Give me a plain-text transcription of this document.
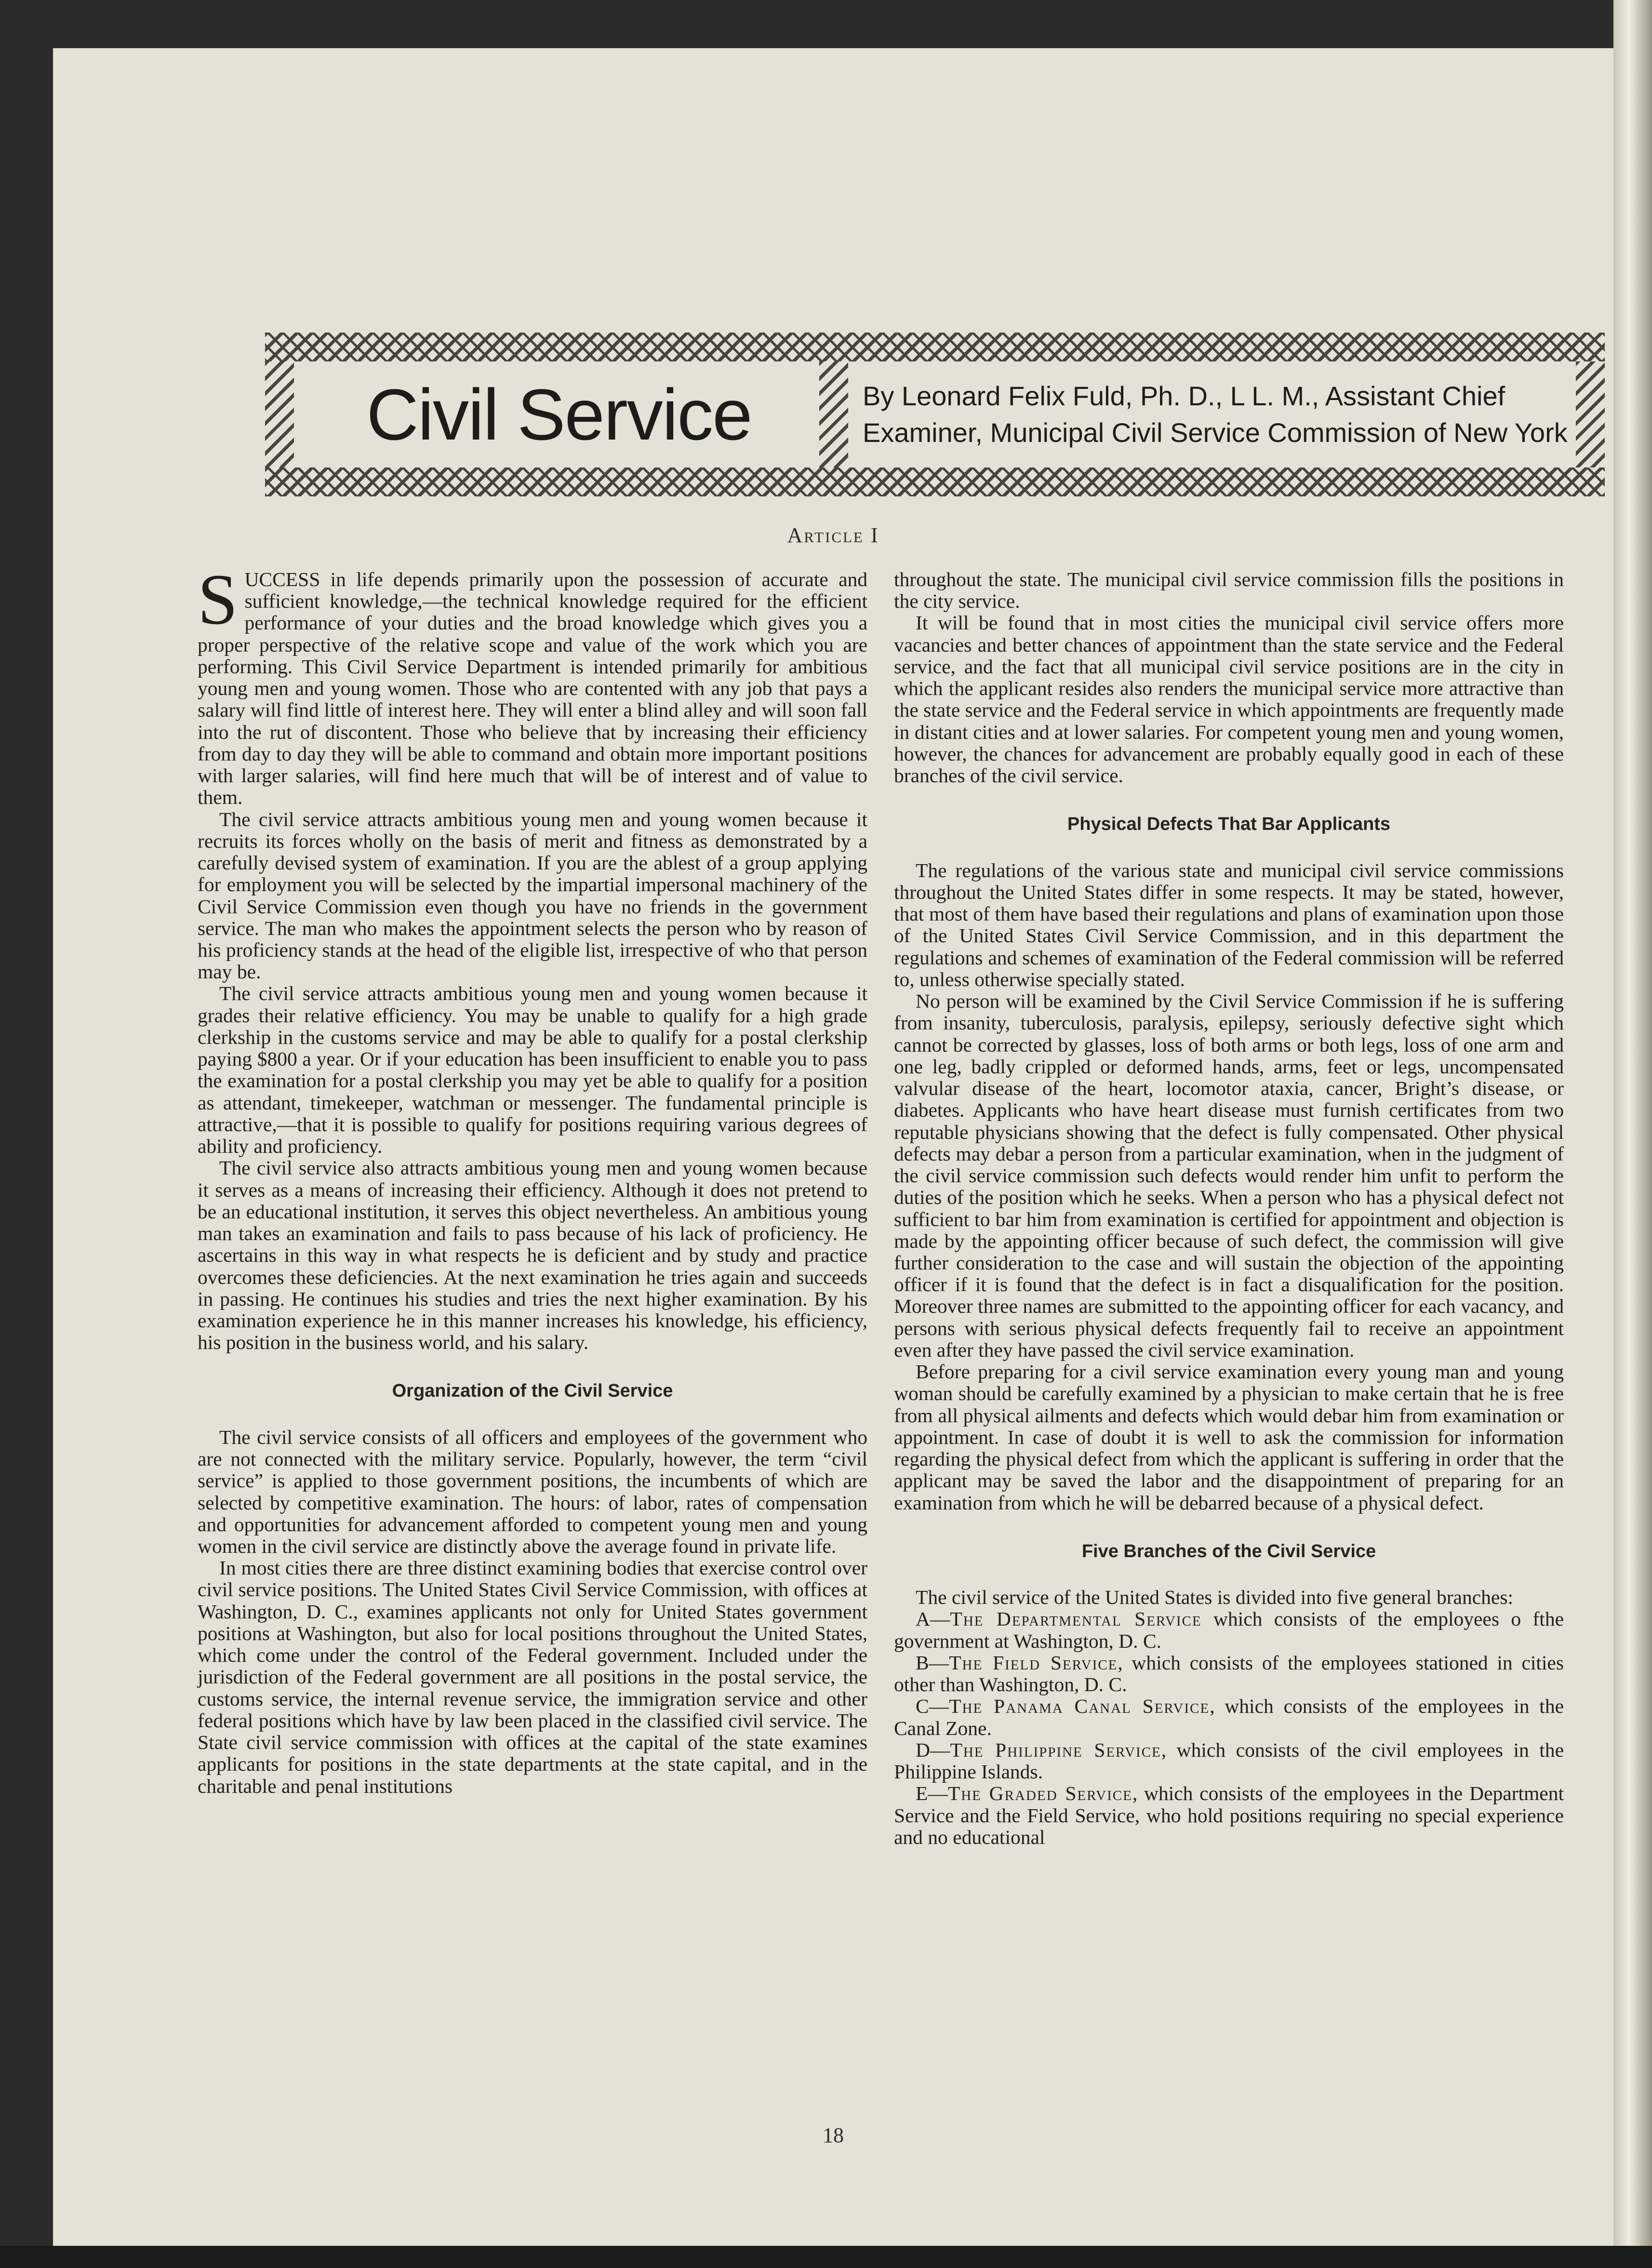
Civil Service	By Leonard Felix Fuld, Ph. D., L L. M., Assistant Chief
Examiner, Municipal Civil Service Commission of New York
Article I

SUCCESS in life depends primarily upon the possession of accurate and sufficient knowledge,—the technical knowledge required for the efficient performance of your duties and the broad knowledge which gives you a proper perspective of the relative scope and value of the work which you are performing. This Civil Service Department is intended primarily for ambitious young men and young women. Those who are contented with any job that pays a salary will find little of interest here. They will enter a blind alley and will soon fall into the rut of discontent. Those who believe that by increasing their efficiency from day to day they will be able to command and obtain more important positions with larger salaries, will find here much that will be of interest and of value to them.

The civil service attracts ambitious young men and young women because it recruits its forces wholly on the basis of merit and fitness as demonstrated by a carefully devised system of examination. If you are the ablest of a group applying for employment you will be selected by the impartial impersonal machinery of the Civil Service Commission even though you have no friends in the government service. The man who makes the appointment selects the person who by reason of his proficiency stands at the head of the eligible list, irrespective of who that person may be.

The civil service attracts ambitious young men and young women because it grades their relative efficiency. You may be unable to qualify for a high grade clerkship in the customs service and may be able to qualify for a postal clerkship paying $800 a year. Or if your education has been insufficient to enable you to pass the examination for a postal clerkship you may yet be able to qualify for a position as attendant, timekeeper, watchman or messenger. The fundamental principle is attractive,—that it is possible to qualify for positions requiring various degrees of ability and proficiency.

The civil service also attracts ambitious young men and young women because it serves as a means of increasing their efficiency. Although it does not pretend to be an educational institution, it serves this object nevertheless. An ambitious young man takes an examination and fails to pass because of his lack of proficiency. He ascertains in this way in what respects he is deficient and by study and practice overcomes these deficiencies. At the next examination he tries again and succeeds in passing. He continues his studies and tries the next higher examination. By his examination experience he in this manner increases his knowledge, his efficiency, his position in the business world, and his salary.

Organization of the Civil Service

The civil service consists of all officers and employees of the government who are not connected with the military service. Popularly, however, the term “civil service” is applied to those government positions, the incumbents of which are selected by competitive examination. The hours: of labor, rates of compensation and opportunities for advancement afforded to competent young men and young women in the civil service are distinctly above the average found in private life.

In most cities there are three distinct examining bodies that exercise control over civil service positions. The United States Civil Service Commission, with offices at Washington, D. C., examines applicants not only for United States government positions at Washington, but also for local positions throughout the United States, which come under the control of the Federal government. Included under the jurisdiction of the Federal government are all positions in the postal service, the customs service, the internal revenue service, the immigration service and other federal positions which have by law been placed in the classified civil service. The State civil service commission with offices at the capital of the state examines applicants for positions in the state departments at the state capital, and in the charitable and penal institutions

throughout the state. The municipal civil service commission fills the positions in the city service.

It will be found that in most cities the municipal civil service offers more vacancies and better chances of appointment than the state service and the Federal service, and the fact that all municipal civil service positions are in the city in which the applicant resides also renders the municipal service more attractive than the state service and the Federal service in which appointments are frequently made in distant cities and at lower salaries. For competent young men and young women, however, the chances for advancement are probably equally good in each of these branches of the civil service.

Physical Defects That Bar Applicants

The regulations of the various state and municipal civil service commissions throughout the United States differ in some respects. It may be stated, however, that most of them have based their regulations and plans of examination upon those of the United States Civil Service Commission, and in this department the regulations and schemes of examination of the Federal commission will be referred to, unless otherwise specially stated.

No person will be examined by the Civil Service Commission if he is suffering from insanity, tuberculosis, paralysis, epilepsy, seriously defective sight which cannot be corrected by glasses, loss of both arms or both legs, loss of one arm and one leg, badly crippled or deformed hands, arms, feet or legs, uncompensated valvular disease of the heart, locomotor ataxia, cancer, Bright’s disease, or diabetes. Applicants who have heart disease must furnish certificates from two reputable physicians showing that the defect is fully compensated. Other physical defects may debar a person from a particular examination, when in the judgment of the civil service commission such defects would render him unfit to perform the duties of the position which he seeks. When a person who has a physical defect not sufficient to bar him from examination is certified for appointment and objection is made by the appointing officer because of such defect, the commission will give further consideration to the case and will sustain the objection of the appointing officer if it is found that the defect is in fact a disqualification for the position. Moreover three names are submitted to the appointing officer for each vacancy, and persons with serious physical defects frequently fail to receive an appointment even after they have passed the civil service examination.

Before preparing for a civil service examination every young man and young woman should be carefully examined by a physician to make certain that he is free from all physical ailments and defects which would debar him from examination or appointment. In case of doubt it is well to ask the commission for information regarding the physical defect from which the applicant is suffering in order that the applicant may be saved the labor and the disappointment of preparing for an examination from which he will be debarred because of a physical defect.

Five Branches of the Civil Service

The civil service of the United States is divided into five general branches:

A—The Departmental Service which consists of the employees o fthe government at Washington, D. C.

B—The Field Service, which consists of the employees stationed in cities other than Washington, D. C.

C—The Panama Canal Service, which consists of the employees in the Canal Zone.

D—The Philippine Service, which consists of the civil employees in the Philippine Islands.

E—The Graded Service, which consists of the employees in the Department Service and the Field Service, who hold positions requiring no special experience and no educational

18
